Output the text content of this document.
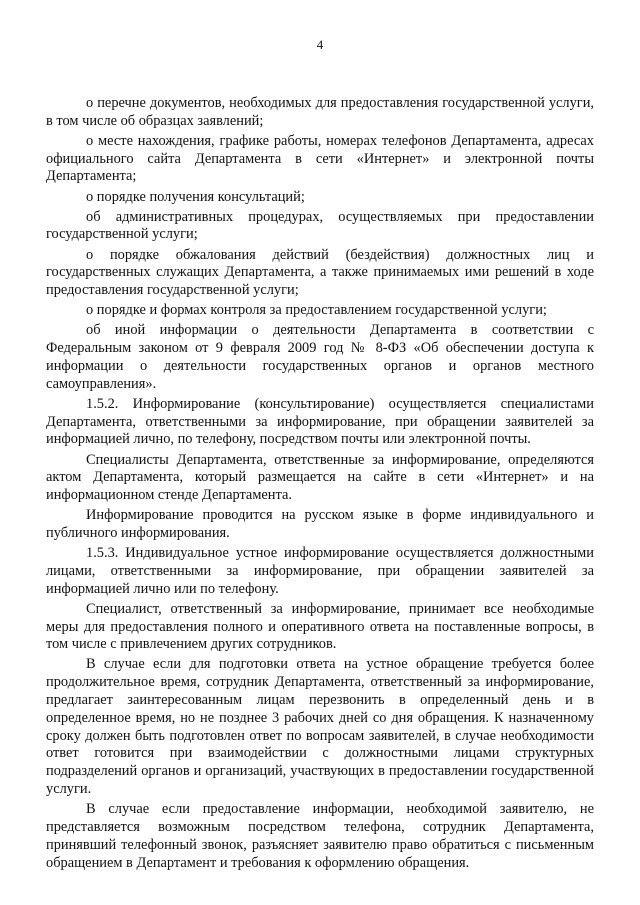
4

о перечне документов, необходимых для предоставления государственной услуги, в том числе об образцах заявлений;

о месте нахождения, графике работы, номерах телефонов Департамента, адресах официального сайта Департамента в сети «Интернет» и электронной почты Департамента;

о порядке получения консультаций;

об административных процедурах, осуществляемых при предоставлении государственной услуги;

о порядке обжалования действий (бездействия) должностных лиц и государственных служащих Департамента, а также принимаемых ими решений в ходе предоставления государственной услуги;

о порядке и формах контроля за предоставлением государственной услуги;

об иной информации о деятельности Департамента в соответствии с Федеральным законом от 9 февраля 2009 год № 8-ФЗ «Об обеспечении доступа к информации о деятельности государственных органов и органов местного самоуправления».

1.5.2. Информирование (консультирование) осуществляется специалистами Департамента, ответственными за информирование, при обращении заявителей за информацией лично, по телефону, посредством почты или электронной почты.

Специалисты Департамента, ответственные за информирование, определяются актом Департамента, который размещается на сайте в сети «Интернет» и на информационном стенде Департамента.

Информирование проводится на русском языке в форме индивидуального и публичного информирования.

1.5.3. Индивидуальное устное информирование осуществляется должностными лицами, ответственными за информирование, при обращении заявителей за информацией лично или по телефону.

Специалист, ответственный за информирование, принимает все необходимые меры для предоставления полного и оперативного ответа на поставленные вопросы, в том числе с привлечением других сотрудников.

В случае если для подготовки ответа на устное обращение требуется более продолжительное время, сотрудник Департамента, ответственный за информирование, предлагает заинтересованным лицам перезвонить в определенный день и в определенное время, но не позднее 3 рабочих дней со дня обращения. К назначенному сроку должен быть подготовлен ответ по вопросам заявителей, в случае необходимости ответ готовится при взаимодействии с должностными лицами структурных подразделений органов и организаций, участвующих в предоставлении государственной услуги.

В случае если предоставление информации, необходимой заявителю, не представляется возможным посредством телефона, сотрудник Департамента, принявший телефонный звонок, разъясняет заявителю право обратиться с письменным обращением в Департамент и требования к оформлению обращения.
